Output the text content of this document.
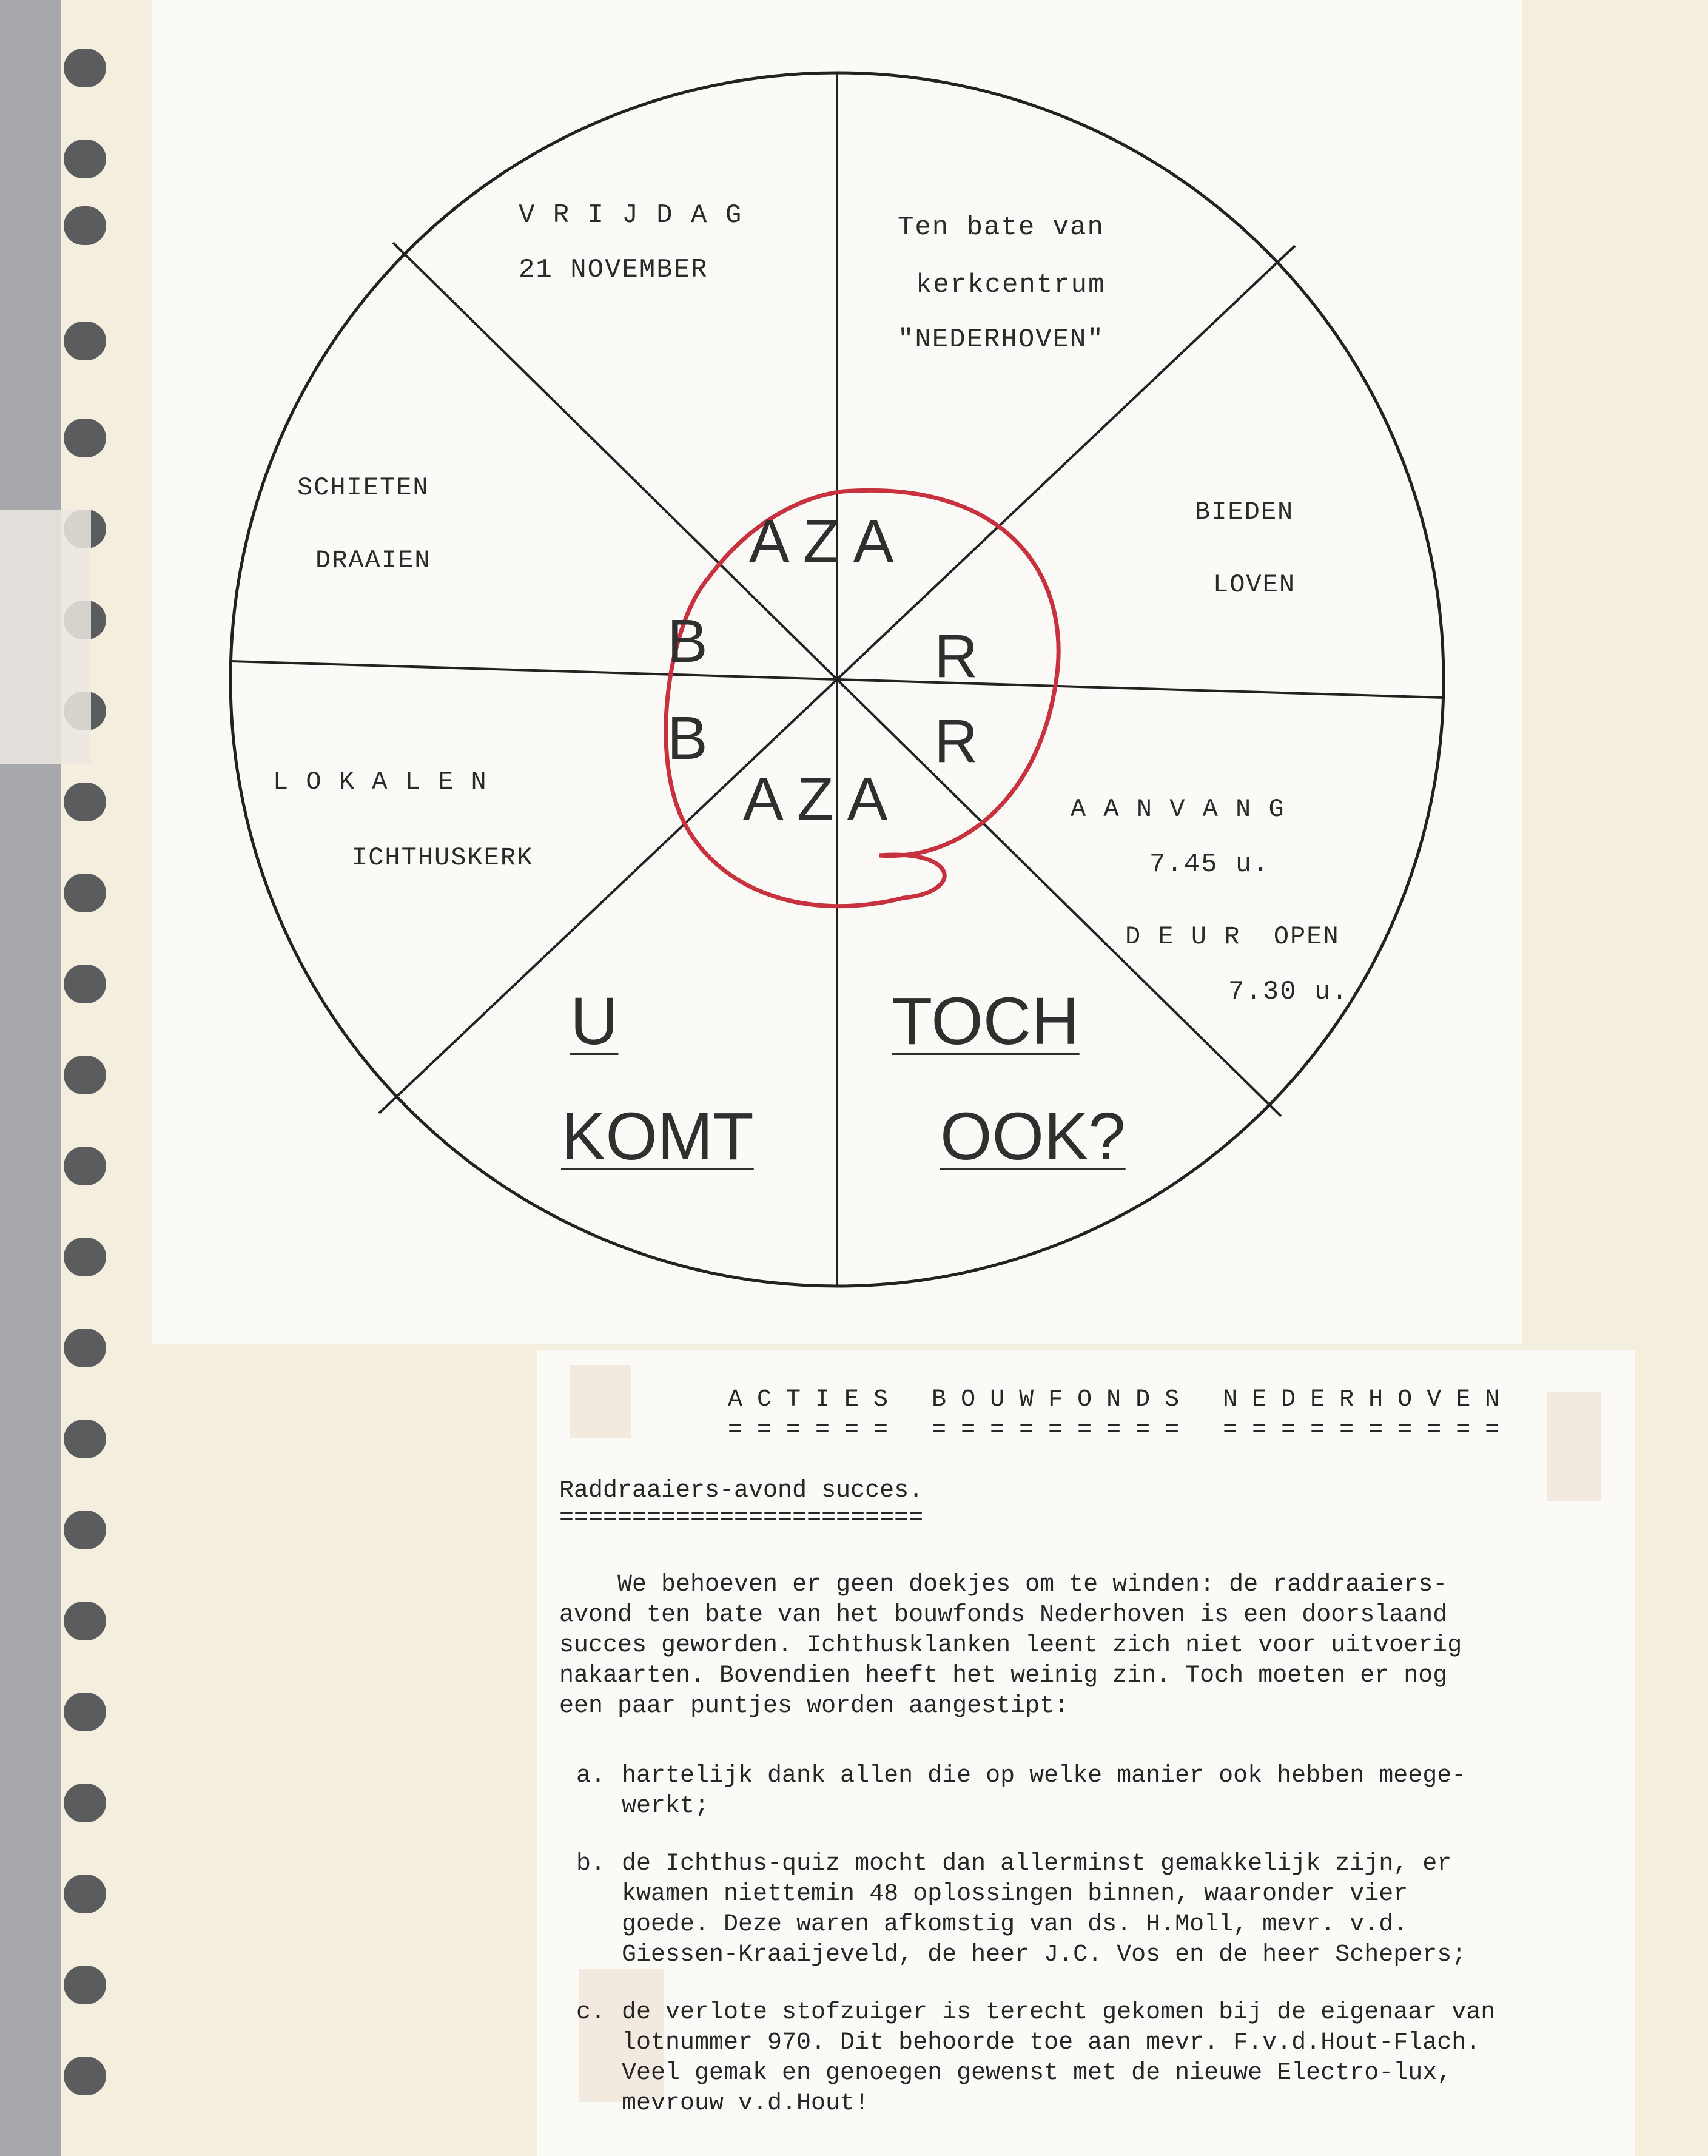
V R I J D A G
21 NOVEMBER
Ten bate van
kerkcentrum
"NEDERHOVEN"
SCHIETEN
DRAAIEN
BIEDEN
LOVEN
L O K A L E N
ICHTHUSKERK
A A N V A N G
7.45 u.
D E U R  OPEN
7.30 u.
AZA
B	R
B	R
AZA
U
KOMT
TOCH
OOK?
A C T I E S   B O U W F O N D S   N E D E R H O V E N
= = = = = =   = = = = = = = = =   = = = = = = = = = =
Raddraaiers-avond succes.
=========================
We behoeven er geen doekjes om te winden: de raddraaiers-
avond ten bate van het bouwfonds Nederhoven is een doorslaand
succes geworden. Ichthusklanken leent zich niet voor uitvoerig
nakaarten. Bovendien heeft het weinig zin. Toch moeten er nog
een paar puntjes worden aangestipt:
a. hartelijk dank allen die op welke manier ook hebben meege-
werkt;
b. de Ichthus-quiz mocht dan allerminst gemakkelijk zijn, er
kwamen niettemin 48 oplossingen binnen, waaronder vier
goede. Deze waren afkomstig van ds. H.Moll, mevr. v.d.
Giessen-Kraaijeveld, de heer J.C. Vos en de heer Schepers;
c. de verlote stofzuiger is terecht gekomen bij de eigenaar van
lotnummer 970. Dit behoorde toe aan mevr. F.v.d.Hout-Flach.
Veel gemak en genoegen gewenst met de nieuwe Electro-lux,
mevrouw v.d.Hout!
